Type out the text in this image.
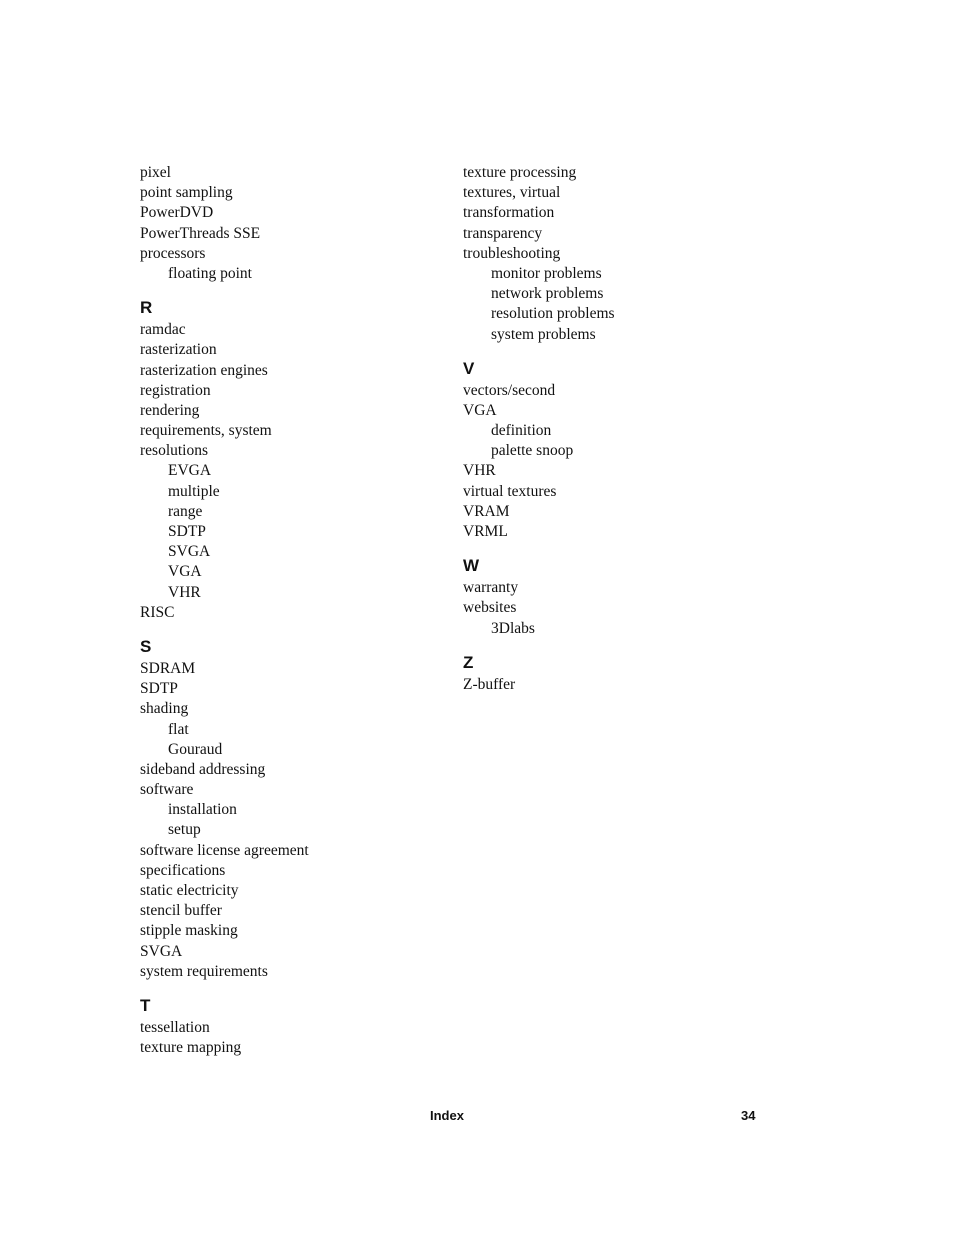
pixel
point sampling
PowerDVD
PowerThreads SSE
processors
floating point
R
ramdac
rasterization
rasterization engines
registration
rendering
requirements, system
resolutions
EVGA
multiple
range
SDTP
SVGA
VGA
VHR
RISC
S
SDRAM
SDTP
shading
flat
Gouraud
sideband addressing
software
installation
setup
software license agreement
specifications
static electricity
stencil buffer
stipple masking
SVGA
system requirements
T
tessellation
texture mapping
texture processing
textures, virtual
transformation
transparency
troubleshooting
monitor problems
network problems
resolution problems
system problems
V
vectors/second
VGA
definition
palette snoop
VHR
virtual textures
VRAM
VRML
W
warranty
websites
3Dlabs
Z
Z-buffer
Index	34
